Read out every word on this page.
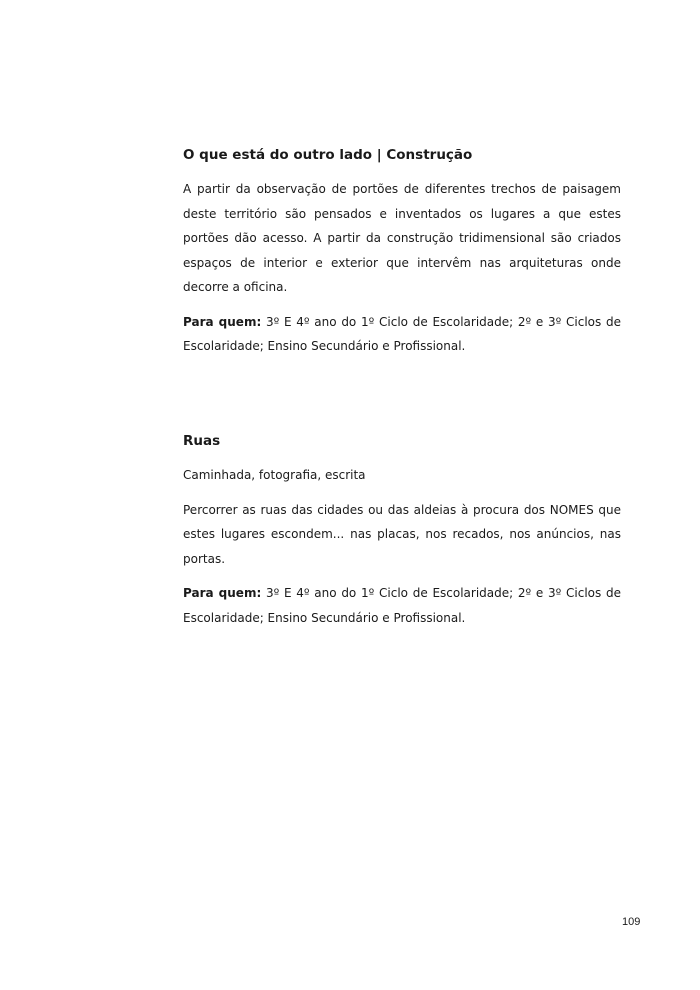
O que está do outro lado | Construção

A partir da observação de portões de diferentes trechos de paisagem deste território são pensados e inventados os lugares a que estes portões dão acesso. A partir da construção tridimensional são criados espaços de interior e exterior que intervêm nas arquiteturas onde decorre a oficina.

Para quem: 3º E 4º ano do 1º Ciclo de Escolaridade; 2º e 3º Ciclos de Escolaridade; Ensino Secundário e Profissional.

Ruas

Caminhada, fotografia, escrita

Percorrer as ruas das cidades ou das aldeias à procura dos NOMES que estes lugares escondem... nas placas, nos recados, nos anúncios, nas portas.

Para quem: 3º E 4º ano do 1º Ciclo de Escolaridade; 2º e 3º Ciclos de Escolaridade; Ensino Secundário e Profissional.

109
